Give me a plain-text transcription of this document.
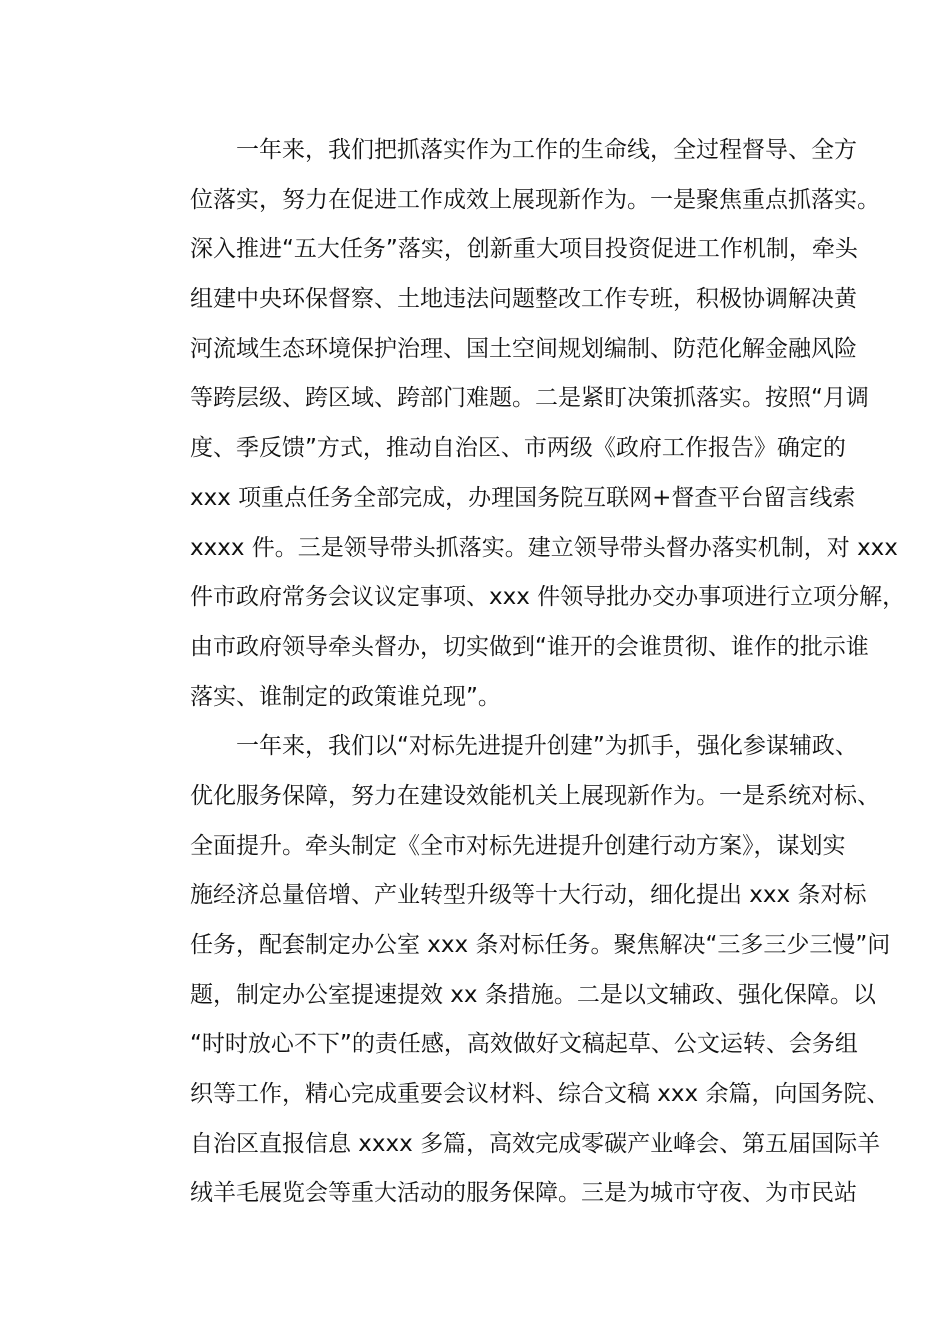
一年来，我们把抓落实作为工作的生命线，全过程督导、全方
位落实，努力在促进工作成效上展现新作为。一是聚焦重点抓落实。
深入推进“五大任务”落实，创新重大项目投资促进工作机制，牵头
组建中央环保督察、土地违法问题整改工作专班，积极协调解决黄
河流域生态环境保护治理、国土空间规划编制、防范化解金融风险
等跨层级、跨区域、跨部门难题。二是紧盯决策抓落实。按照“月调
度、季反馈”方式，推动自治区、市两级《政府工作报告》确定的
xxx 项重点任务全部完成，办理国务院互联网+督查平台留言线索
xxxx 件。三是领导带头抓落实。建立领导带头督办落实机制，对 xxx
件市政府常务会议议定事项、xxx 件领导批办交办事项进行立项分解，
由市政府领导牵头督办，切实做到“谁开的会谁贯彻、谁作的批示谁
落实、谁制定的政策谁兑现”。
一年来，我们以“对标先进提升创建”为抓手，强化参谋辅政、
优化服务保障，努力在建设效能机关上展现新作为。一是系统对标、
全面提升。牵头制定《全市对标先进提升创建行动方案》，谋划实
施经济总量倍增、产业转型升级等十大行动，细化提出 xxx 条对标
任务，配套制定办公室 xxx 条对标任务。聚焦解决“三多三少三慢”问
题，制定办公室提速提效 xx 条措施。二是以文辅政、强化保障。以
“时时放心不下”的责任感，高效做好文稿起草、公文运转、会务组
织等工作，精心完成重要会议材料、综合文稿 xxx 余篇，向国务院、
自治区直报信息 xxxx 多篇，高效完成零碳产业峰会、第五届国际羊
绒羊毛展览会等重大活动的服务保障。三是为城市守夜、为市民站
